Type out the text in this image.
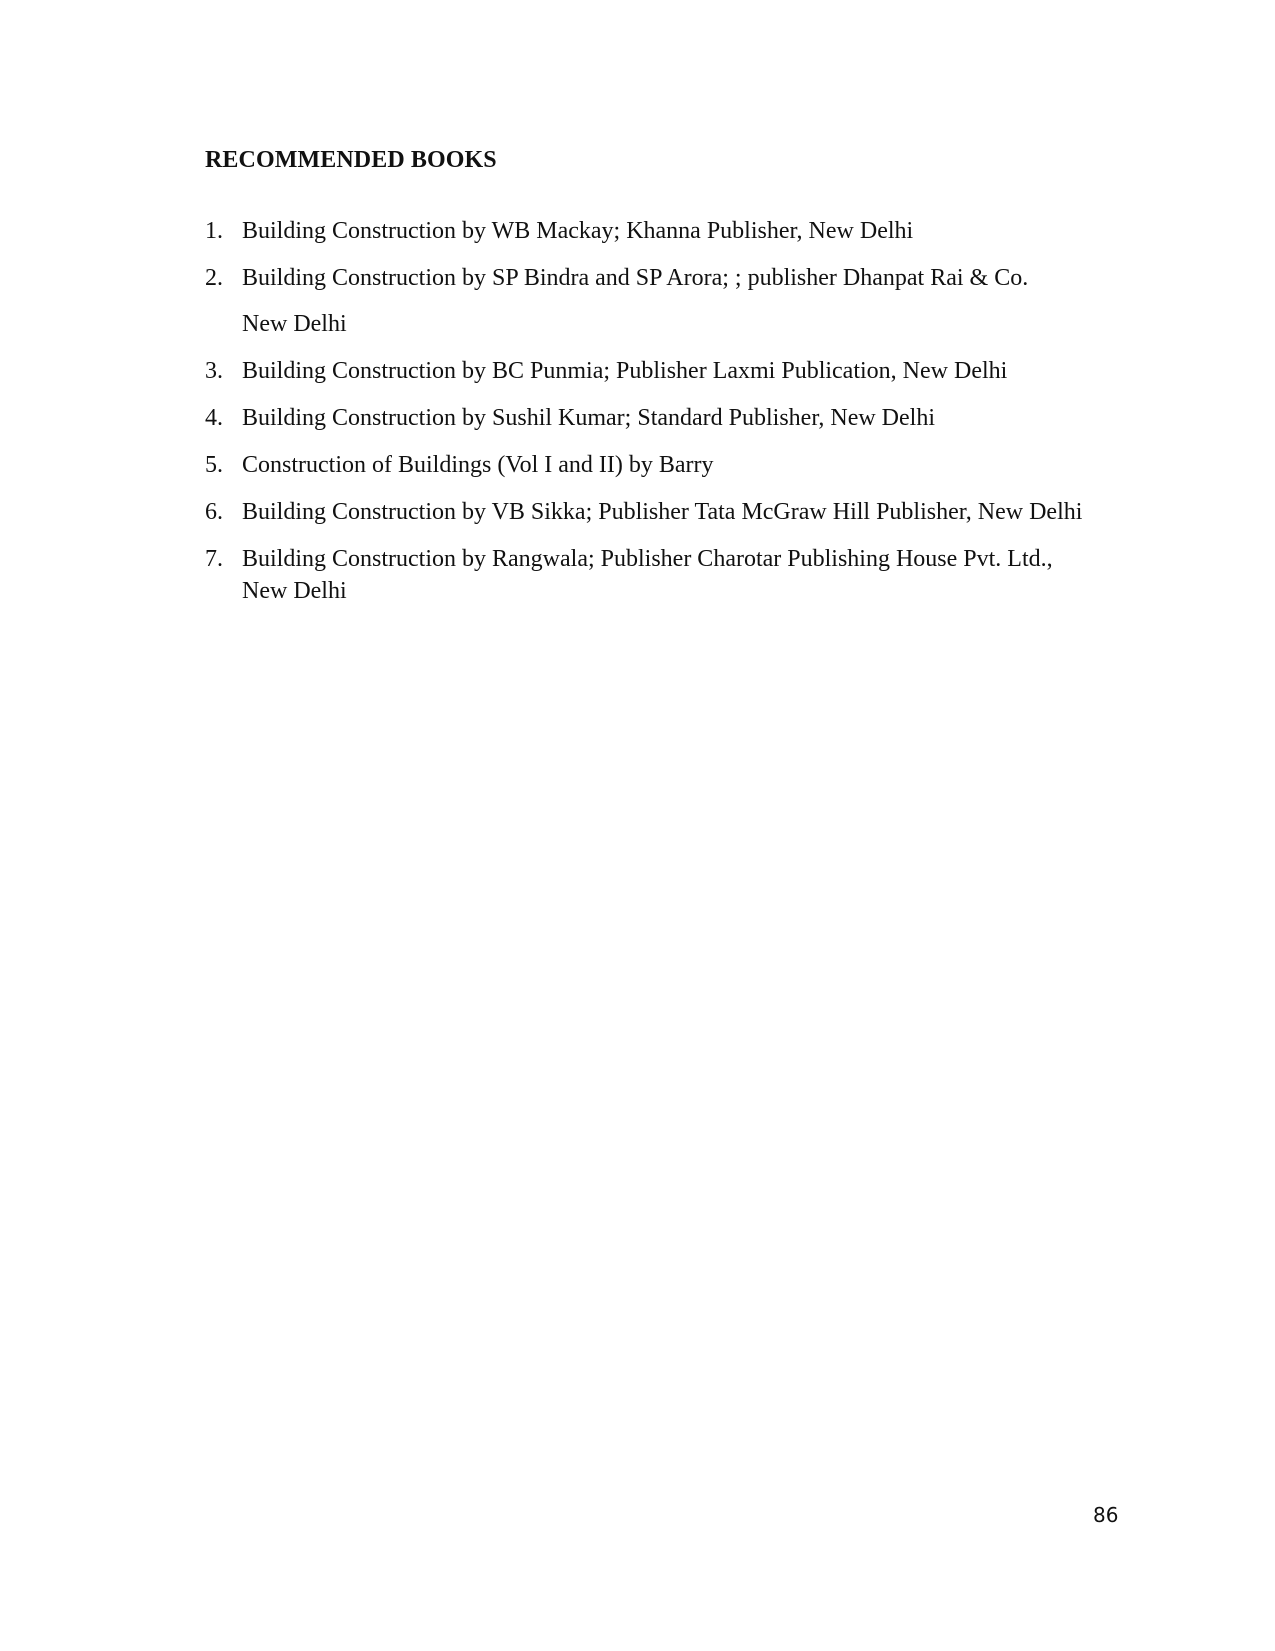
RECOMMENDED BOOKS
1. Building Construction by WB Mackay; Khanna Publisher, New Delhi
2. Building Construction by SP Bindra and SP Arora; ; publisher Dhanpat Rai & Co.
New Delhi
3. Building Construction by BC Punmia; Publisher Laxmi Publication, New Delhi
4. Building Construction by Sushil Kumar; Standard Publisher, New Delhi
5. Construction of Buildings (Vol I and II) by Barry
6. Building Construction by VB Sikka; Publisher Tata McGraw Hill Publisher, New Delhi
7. Building Construction by Rangwala; Publisher Charotar Publishing House Pvt. Ltd.,
New Delhi
86
